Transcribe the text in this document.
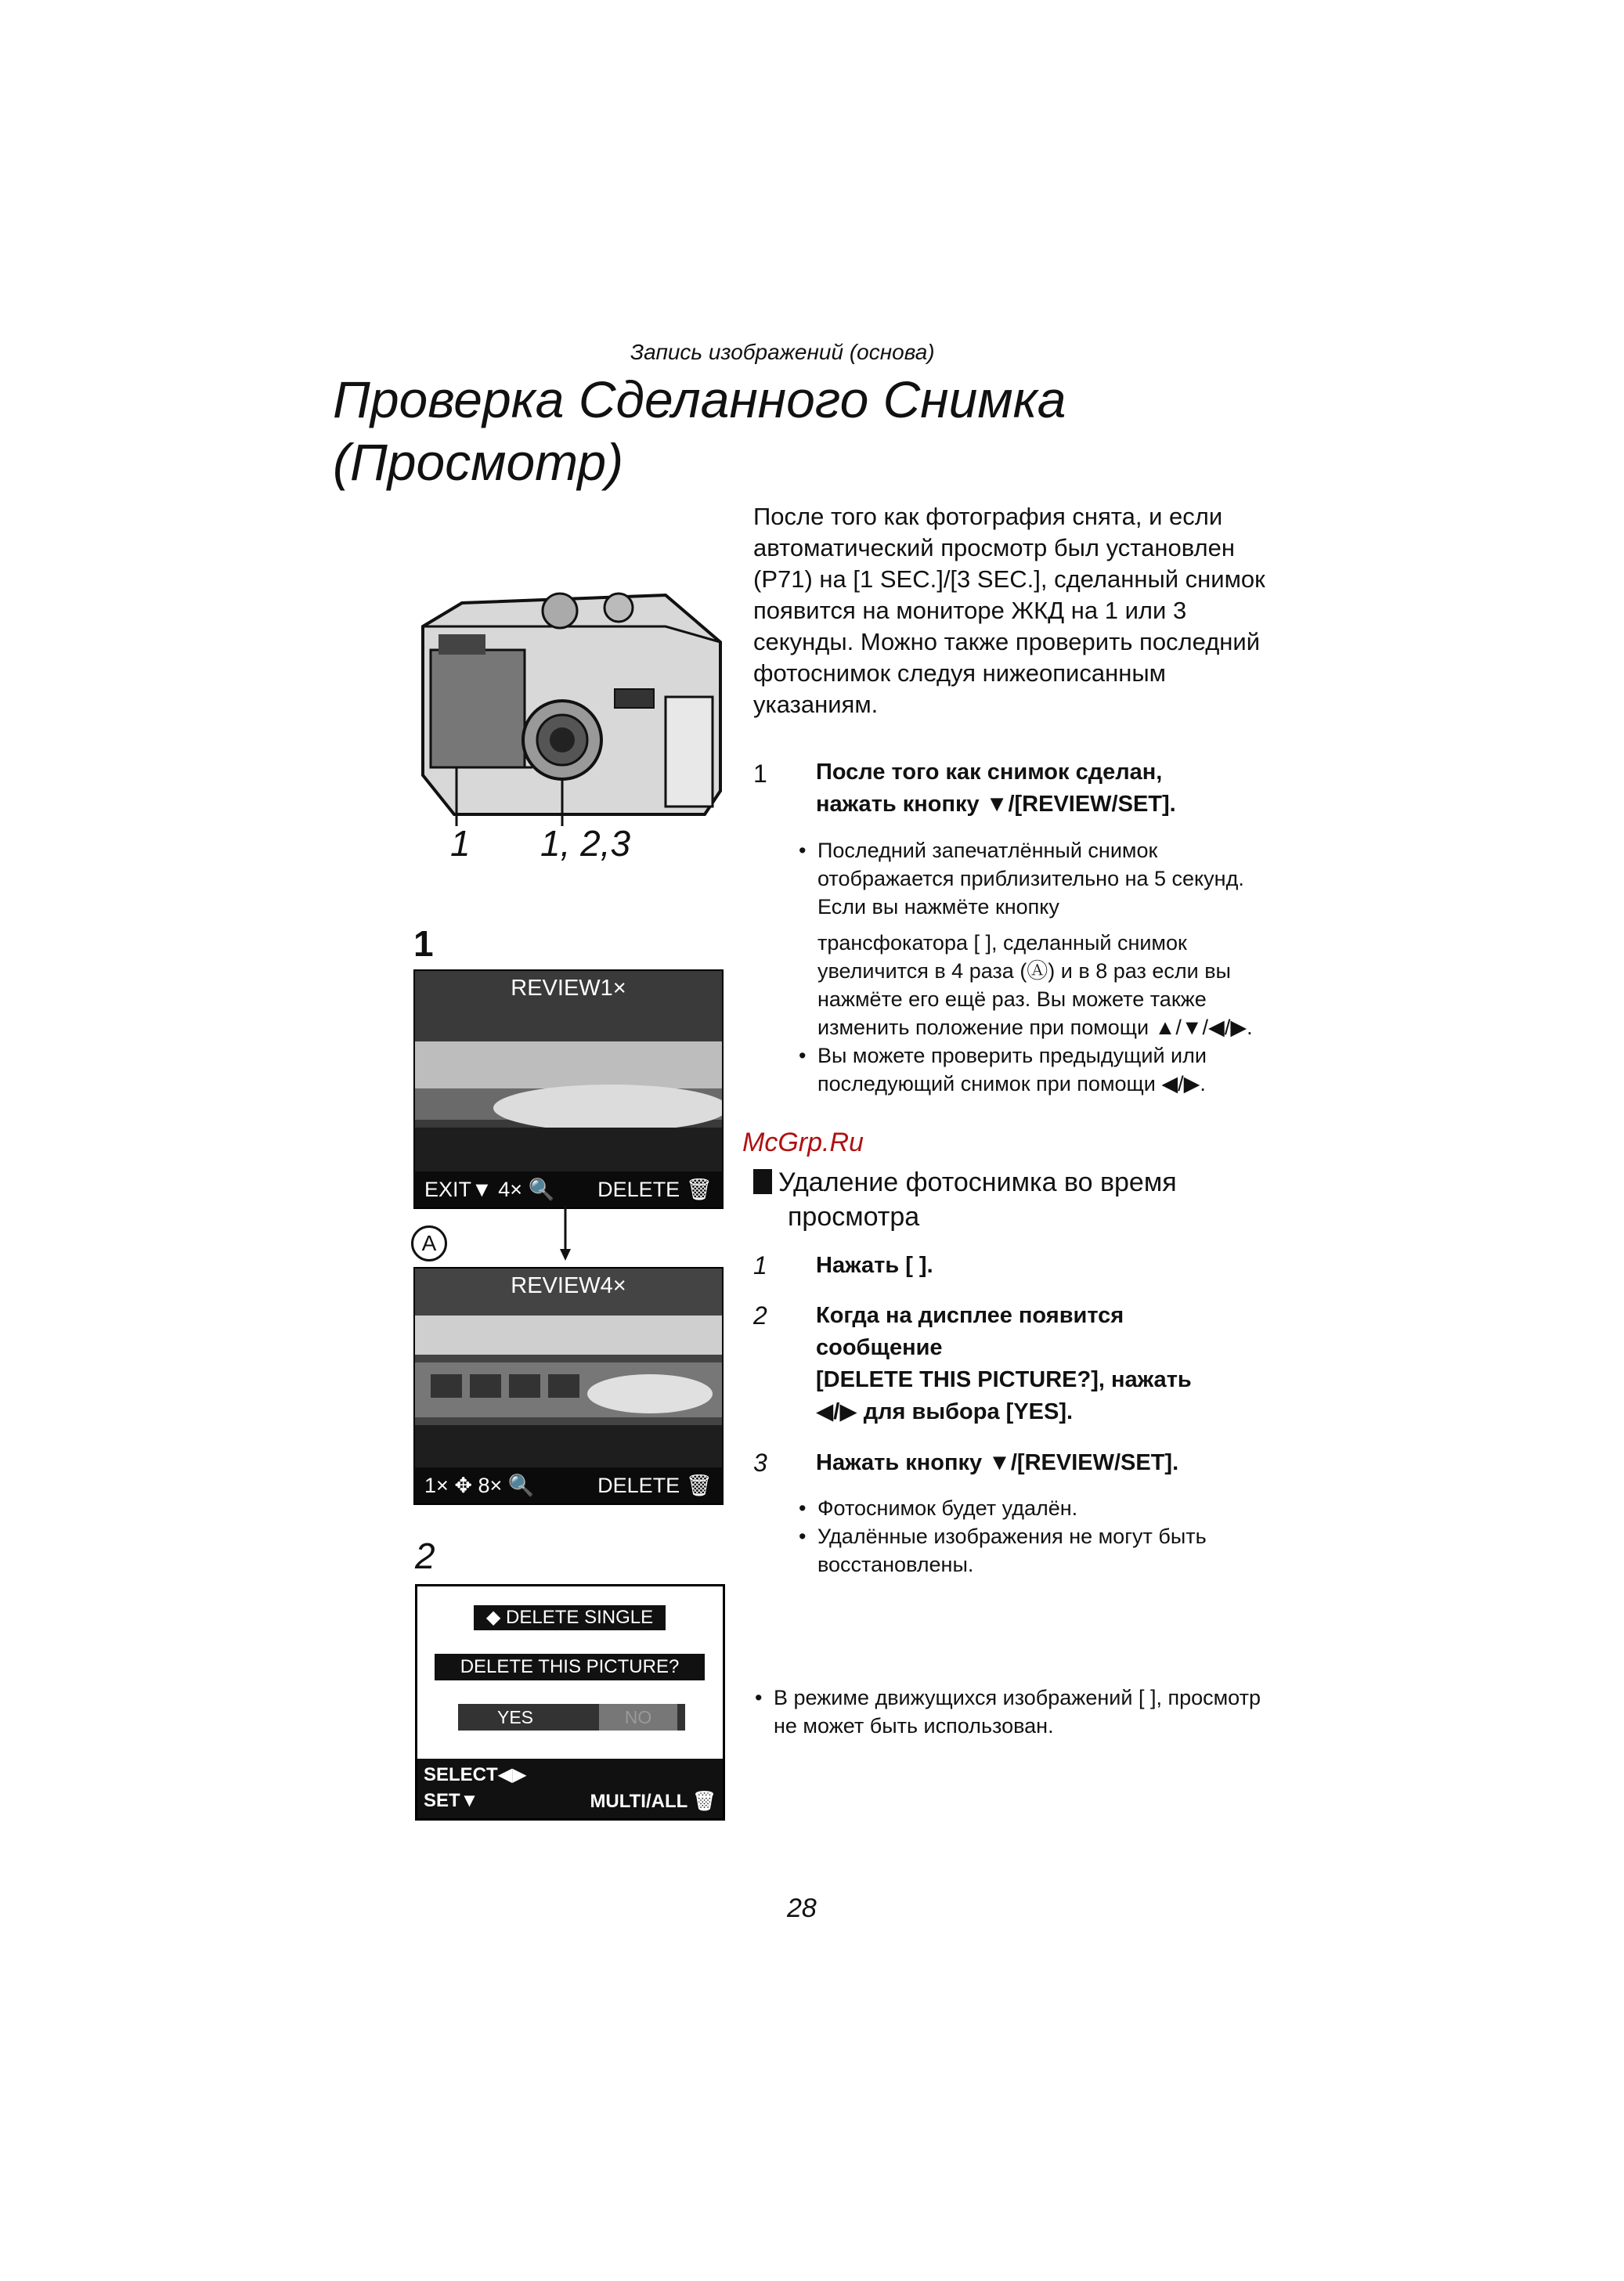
Запись изображений (основа)
Проверка Сделанного Снимка
(Просмотр)
После того как фотография снята, и если автоматический просмотр был установлен (P71) на [1 SEC.]/[3 SEC.], сделанный снимок появится на мониторе ЖКД на 1 или 3 секунды. Можно также проверить последний фотоснимок следуя нижеописанным указаниям.
1 1, 2,3
1
REVIEW1×
EXIT▼ 4× 🔍 DELETE 🗑
A
REVIEW4×
1× ✥ 8× 🔍	DELETE 🗑
2
◆ DELETE SINGLE
DELETE THIS PICTURE?
YES	NO
SELECT◀▶
SET▼	MULTI/ALL 🗑
1 После того как снимок сделан,
нажать кнопку ▼/[REVIEW/SET].
• Последний запечатлённый снимок отображается приблизительно на 5 секунд. Если вы нажмёте кнопку
трансфокатора [ ], сделанный снимок увеличится в 4 раза (Ⓐ) и в 8 раз если вы нажмёте его ещё раз. Вы можете также изменить положение при помощи ▲/▼/◀/▶.
• Вы можете проверить предыдущий или последующий снимок при помощи ◀/▶.
McGrp.Ru
Удаление фотоснимка во время
просмотра
1 Нажать [ ].
2 Когда на дисплее появится
сообщение
[DELETE THIS PICTURE?], нажать
◀/▶ для выбора [YES].
3 Нажать кнопку ▼/[REVIEW/SET].
• Фотоснимок будет удалён.
• Удалённые изображения не могут быть восстановлены.
• В режиме движущихся изображений [ ], просмотр не может быть использован.
28
